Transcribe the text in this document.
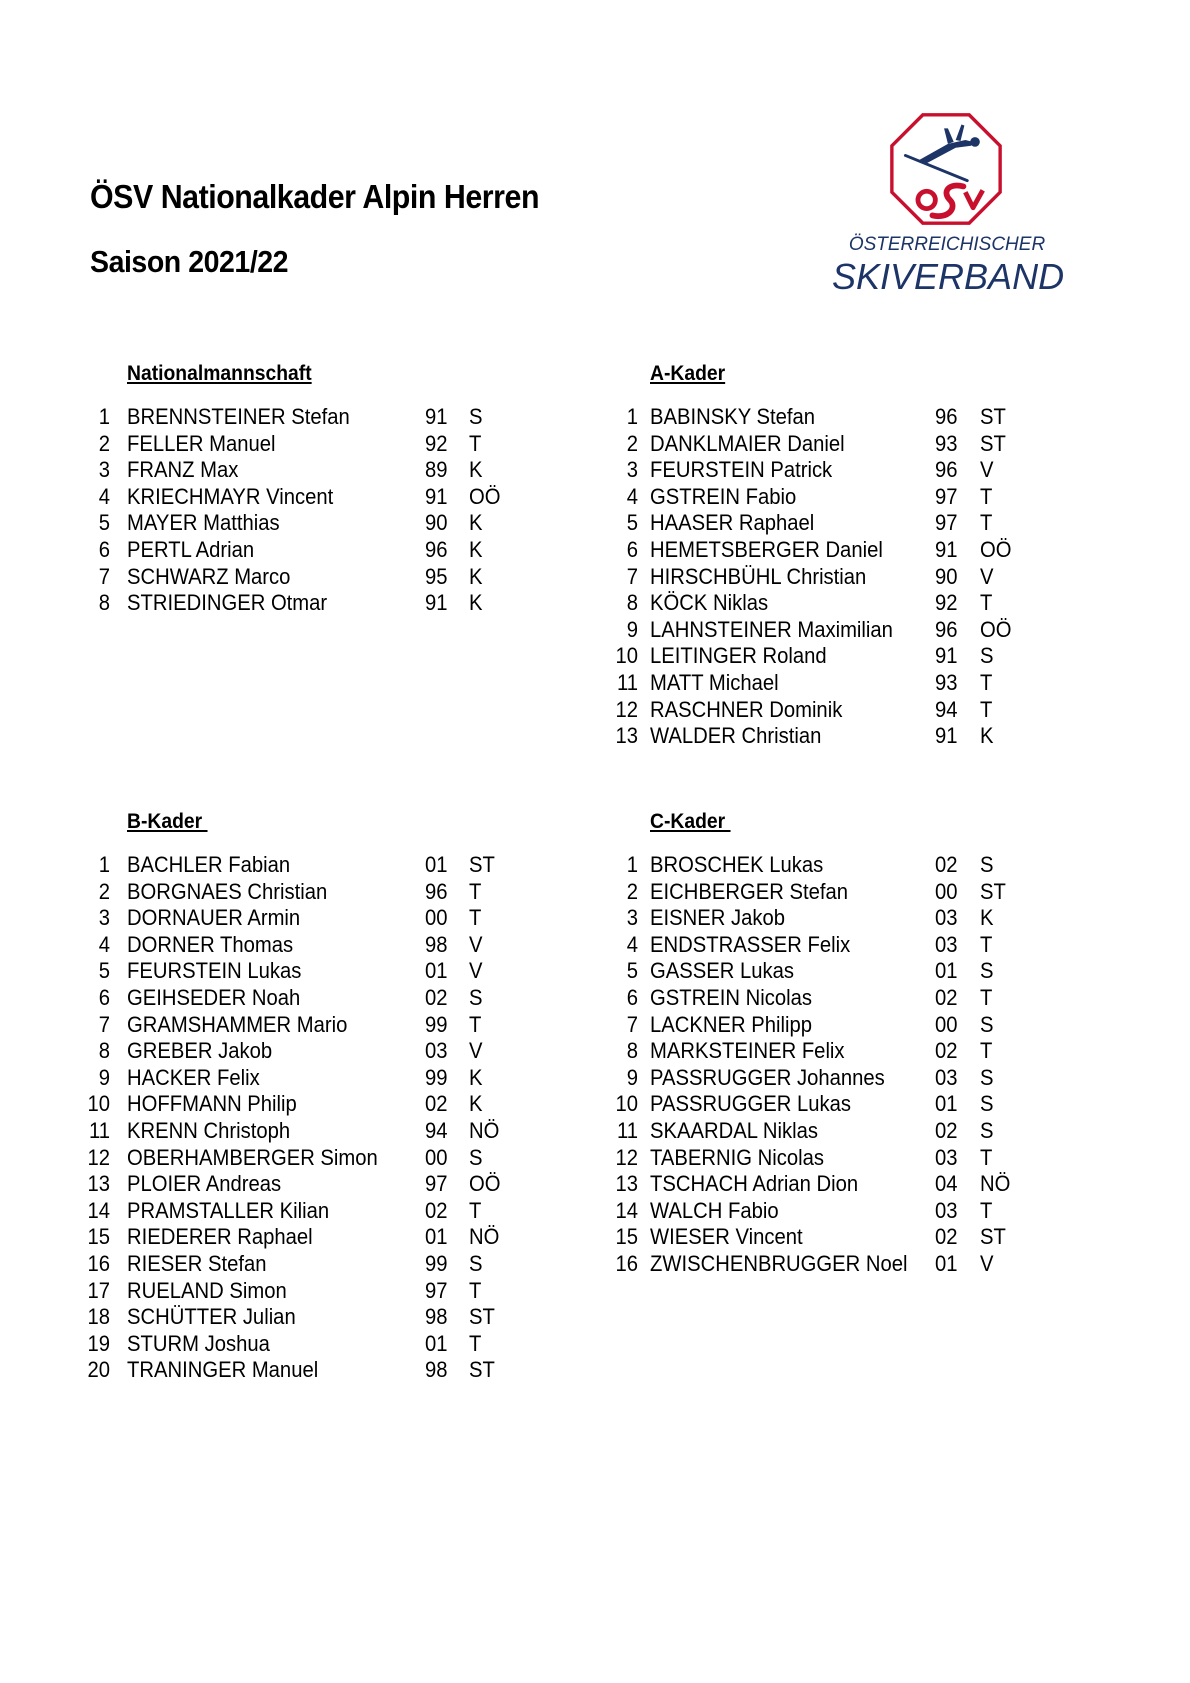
ÖSV Nationalkader Alpin Herren
Saison 2021/22	ÖSTERREICHISCHER
SKIVERBAND
Nationalmannschaft
1 BRENNSTEINER Stefan	91 S
2 FELLER Manuel	92 T
3 FRANZ Max	89 K
4 KRIECHMAYR Vincent	91 OÖ
5 MAYER Matthias	90 K
6 PERTL Adrian	96 K
7 SCHWARZ Marco	95 K
8 STRIEDINGER Otmar	91 K
A-Kader
1 BABINSKY Stefan	96 ST
2 DANKLMAIER Daniel	93 ST
3 FEURSTEIN Patrick	96 V
4 GSTREIN Fabio	97 T
5 HAASER Raphael	97 T
6 HEMETSBERGER Daniel 91 OÖ
7 HIRSCHBÜHL Christian	90 V
8 KÖCK Niklas	92 T
9 LAHNSTEINER Maximilian 96 OÖ
10 LEITINGER Roland	91 S
11 MATT Michael	93 T
12 RASCHNER Dominik	94 T
13 WALDER Christian	91 K
B-Kader
1 BACHLER Fabian	01 ST
2 BORGNAES Christian	96 T
3 DORNAUER Armin	00 T
4 DORNER Thomas	98 V
5 FEURSTEIN Lukas	01 V
6 GEIHSEDER Noah	02 S
7 GRAMSHAMMER Mario	99 T
8 GREBER Jakob	03 V
9 HACKER Felix	99 K
10 HOFFMANN Philip	02 K
11 KRENN Christoph	94 NÖ
12 OBERHAMBERGER Simon 00 S
13 PLOIER Andreas	97 OÖ
14 PRAMSTALLER Kilian	02 T
15 RIEDERER Raphael	01 NÖ
16 RIESER Stefan	99 S
17 RUELAND Simon	97 T
18 SCHÜTTER Julian	98 ST
19 STURM Joshua	01 T
20 TRANINGER Manuel	98 ST
C-Kader
1 BROSCHEK Lukas	02 S
2 EICHBERGER Stefan	00 ST
3 EISNER Jakob	03 K
4 ENDSTRASSER Felix	03 T
5 GASSER Lukas	01 S
6 GSTREIN Nicolas	02 T
7 LACKNER Philipp	00 S
8 MARKSTEINER Felix	02 T
9 PASSRUGGER Johannes 03 S
10 PASSRUGGER Lukas	01 S
11 SKAARDAL Niklas	02 S
12 TABERNIG Nicolas	03 T
13 TSCHACH Adrian Dion	04 NÖ
14 WALCH Fabio	03 T
15 WIESER Vincent	02 ST
16 ZWISCHENBRUGGER Noel 01 V
